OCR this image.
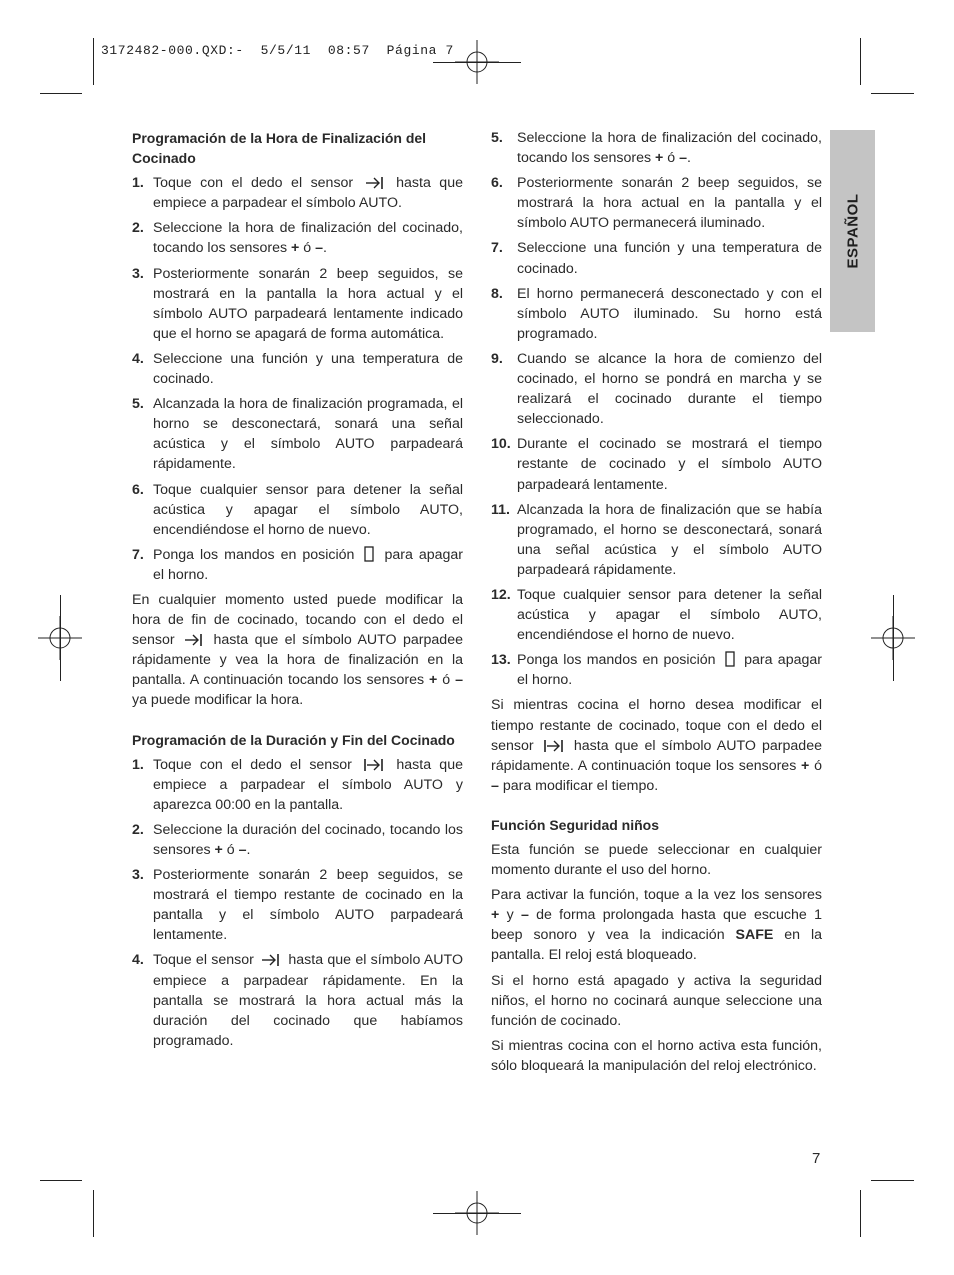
3172482-000.QXD:-  5/5/11  08:57  Página 7
ESPAÑOL
Programación de la Hora de Finalización del Cocinado
1. Toque con el dedo el sensor	hasta que empiece a parpadear el símbolo AUTO.
2. Seleccione la hora de finalización del cocinado, tocando los sensores + ó –.
3. Posteriormente sonarán 2 beep seguidos, se mostrará en la pantalla la hora actual y el símbolo AUTO parpadeará lentamente indicado que el horno se apagará de forma automática.
4. Seleccione una función y una temperatura de cocinado.
5. Alcanzada la hora de finalización programada, el horno se desconectará, sonará una señal acústica y el símbolo AUTO parpadeará rápidamente.
6. Toque cualquier sensor para detener la señal acústica y apagar el símbolo AUTO, encendiéndose el horno de nuevo.
7. Ponga los mandos en posición para apagar el horno.
En cualquier momento usted puede modificar la hora de fin de cocinado, tocando con el dedo el sensor	hasta que el símbolo AUTO parpadee rápidamente y vea la hora de finalización en la pantalla. A continuación tocando los sensores + ó – ya puede modificar la hora.
Programación de la Duración y Fin del Cocinado
1. Toque con el dedo el sensor	hasta que empiece a parpadear el símbolo AUTO y aparezca 00:00 en la pantalla.
2. Seleccione la duración del cocinado, tocando los sensores + ó –.
3. Posteriormente sonarán 2 beep seguidos, se mostrará el tiempo restante de cocinado en la pantalla y el símbolo AUTO parpadeará lentamente.
4. Toque el sensor hasta que el símbolo AUTO empiece a parpadear rápidamente. En la pantalla se mostrará la hora actual más la duración del cocinado que habíamos programado.
5. Seleccione la hora de finalización del cocinado, tocando los sensores + ó –.
6. Posteriormente sonarán 2 beep seguidos, se mostrará la hora actual en la pantalla y el símbolo AUTO permanecerá iluminado.
7. Seleccione una función y una temperatura de cocinado.
8. El horno permanecerá desconectado y con el símbolo AUTO iluminado. Su horno está programado.
9. Cuando se alcance la hora de comienzo del cocinado, el horno se pondrá en marcha y se realizará el cocinado durante el tiempo seleccionado.
10. Durante el cocinado se mostrará el tiempo restante de cocinado y el símbolo AUTO parpadeará lentamente.
11. Alcanzada la hora de finalización que se había programado, el horno se desconectará, sonará una señal acústica y el símbolo AUTO parpadeará rápidamente.
12. Toque cualquier sensor para detener la señal acústica y apagar el símbolo AUTO, encendiéndose el horno de nuevo.
13. Ponga los mandos en posición para apagar el horno.
Si mientras cocina el horno desea modificar el tiempo restante de cocinado, toque con el dedo el sensor	hasta que el símbolo AUTO parpadee rápidamente. A continuación toque los sensores + ó – para modificar el tiempo.
Función Seguridad niños
Esta función se puede seleccionar en cualquier momento durante el uso del horno.
Para activar la función, toque a la vez los sensores + y – de forma prolongada hasta que escuche 1 beep sonoro y vea la indicación SAFE en la pantalla. El reloj está bloqueado.
Si el horno está apagado y activa la seguridad niños, el horno no cocinará aunque seleccione una función de cocinado.
Si mientras cocina con el horno activa esta función, sólo bloqueará la manipulación del reloj electrónico.
7
